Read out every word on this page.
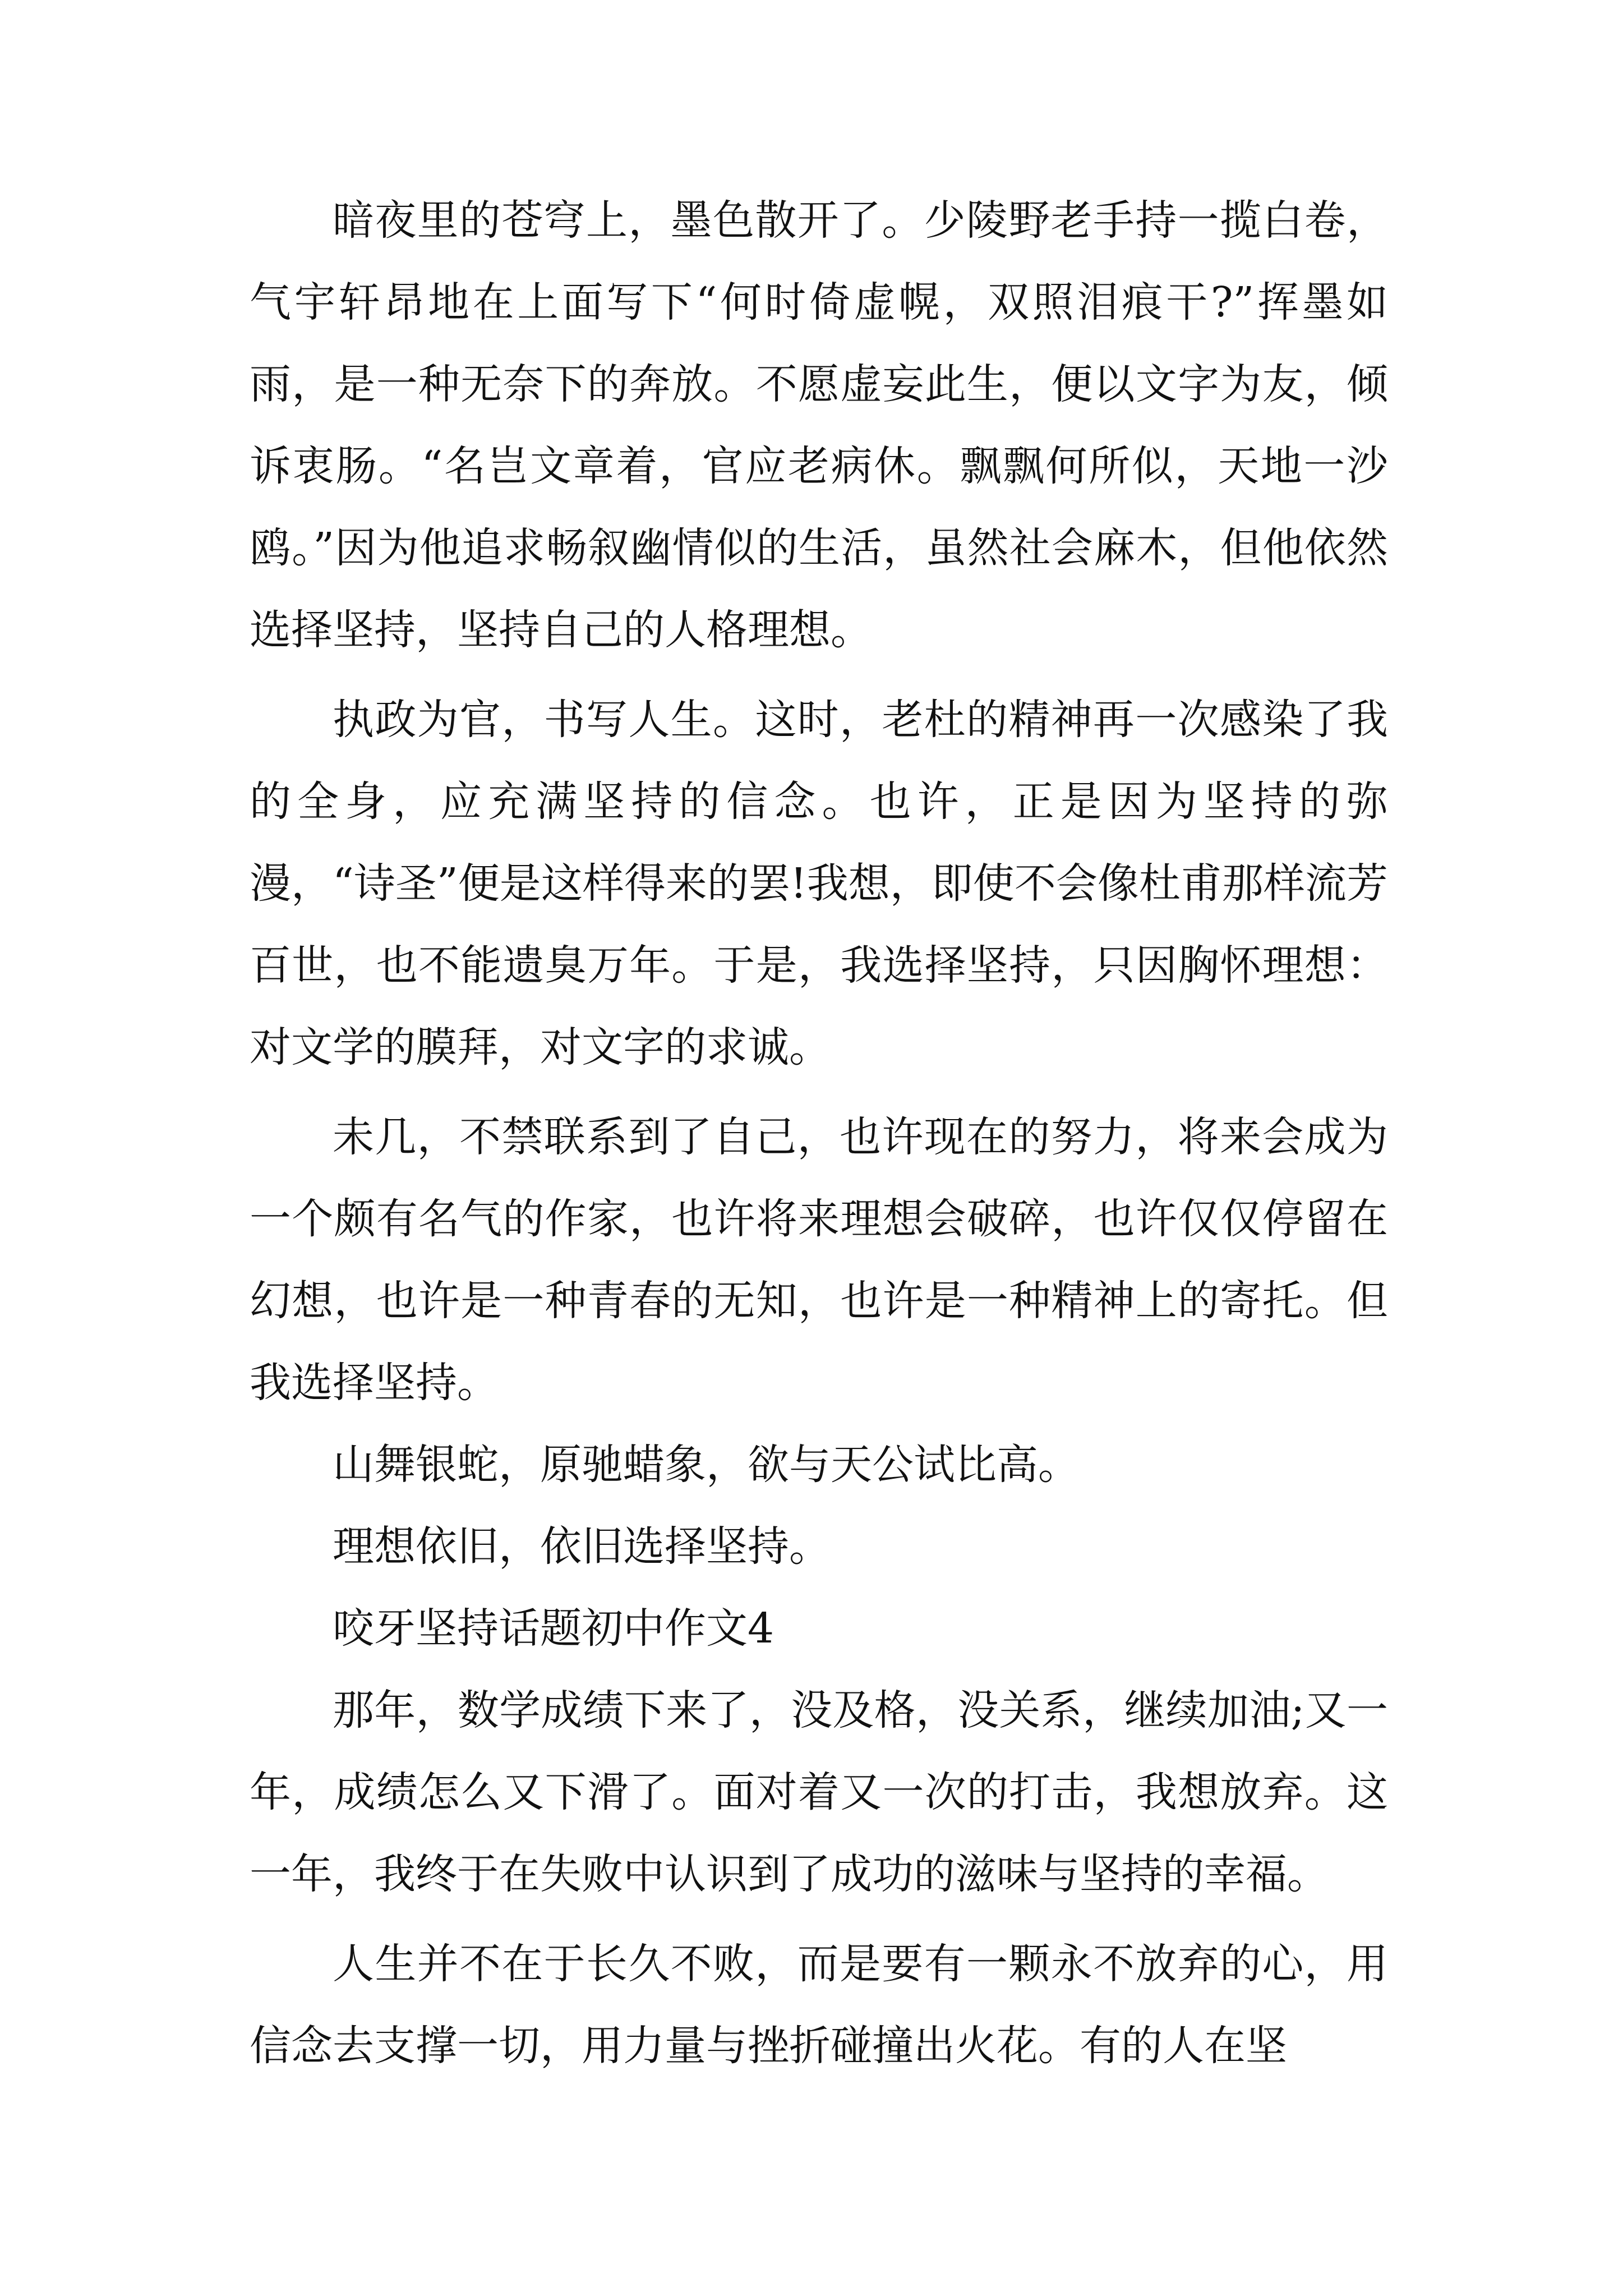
暗夜里的苍穹上，墨色散开了。少陵野老手持一揽白卷，气宇轩昂地在上面写下“何时倚虚幌，双照泪痕干?”挥墨如雨，是一种无奈下的奔放。不愿虚妄此生，便以文字为友，倾诉衷肠。“名岂文章着，官应老病休。飘飘何所似，天地一沙鸥。”因为他追求畅叙幽情似的生活，虽然社会麻木，但他依然选择坚持，坚持自己的人格理想。

执政为官，书写人生。这时，老杜的精神再一次感染了我的全身，应充满坚持的信念。也许，正是因为坚持的弥漫，“诗圣”便是这样得来的罢!我想，即使不会像杜甫那样流芳百世，也不能遗臭万年。于是，我选择坚持，只因胸怀理想：对文学的膜拜，对文字的求诚。

未几，不禁联系到了自己，也许现在的努力，将来会成为一个颇有名气的作家，也许将来理想会破碎，也许仅仅停留在幻想，也许是一种青春的无知，也许是一种精神上的寄托。但我选择坚持。

山舞银蛇，原驰蜡象，欲与天公试比高。

理想依旧，依旧选择坚持。

咬牙坚持话题初中作文4

那年，数学成绩下来了，没及格，没关系，继续加油;又一年，成绩怎么又下滑了。面对着又一次的打击，我想放弃。这一年，我终于在失败中认识到了成功的滋味与坚持的幸福。

人生并不在于长久不败，而是要有一颗永不放弃的心，用信念去支撑一切，用力量与挫折碰撞出火花。有的人在坚
